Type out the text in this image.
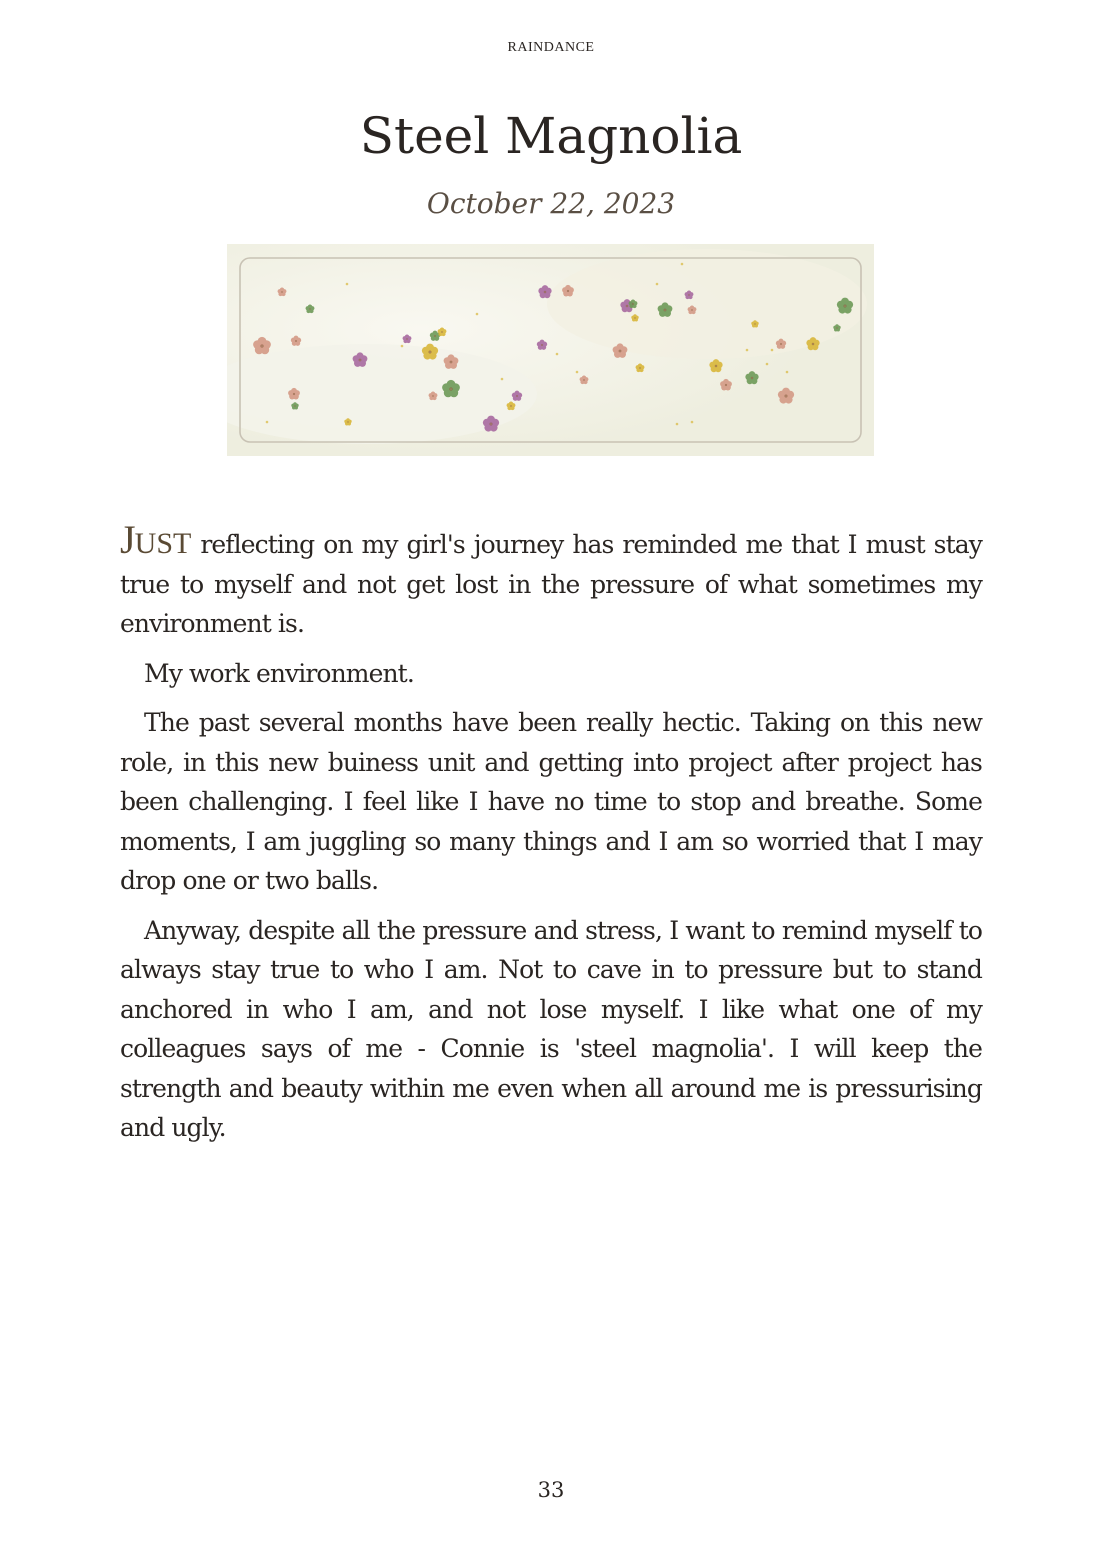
RAINDANCE
Steel Magnolia
October 22, 2023

JUST reflecting on my girl's journey has reminded me that I must stay true to myself and not get lost in the pressure of what sometimes my environment is.

My work environment.

The past several months have been really hectic. Taking on this new role, in this new buiness unit and getting into project after project has been challenging. I feel like I have no time to stop and breathe. Some moments, I am juggling so many things and I am so worried that I may drop one or two balls.

Anyway, despite all the pressure and stress, I want to remind myself to always stay true to who I am. Not to cave in to pressure but to stand anchored in who I am, and not lose myself. I like what one of my colleagues says of me - Connie is 'steel magnolia'. I will keep the strength and beauty within me even when all around me is pressurising and ugly.

33
